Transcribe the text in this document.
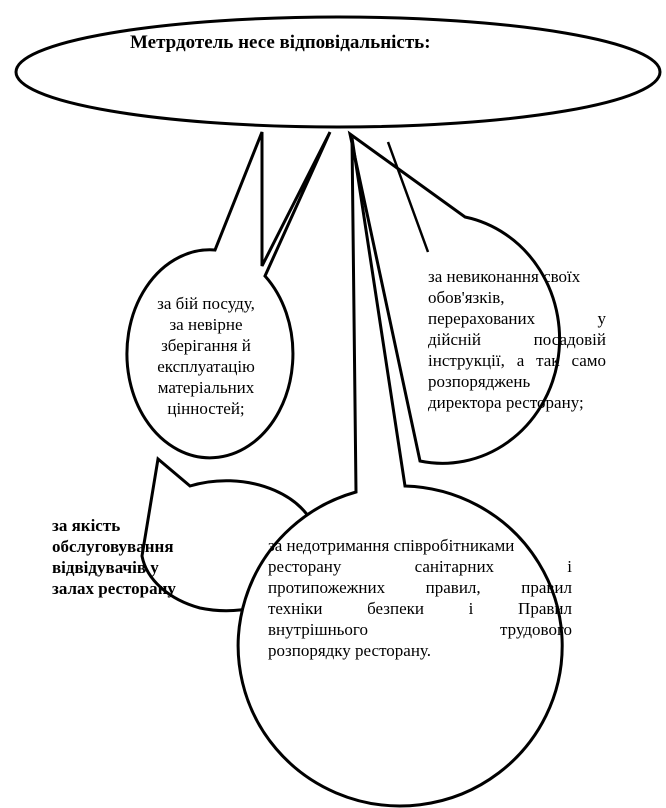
Метрдотель несе відповідальність:
за бій посуду,
за невірне
зберігання й
експлуатацію
матеріальних
цінностей;
за невиконання своїх
обов'язків,
перерахованих у
дійсній посадовій
інструкції, а так само
розпоряджень
директора ресторану;
за якість
обслуговування
відвідувачів у
залах ресторану
за недотримання співробітниками
ресторану санітарних і
протипожежних правил, правил
техніки безпеки і Правил
внутрішнього трудового
розпорядку ресторану.
